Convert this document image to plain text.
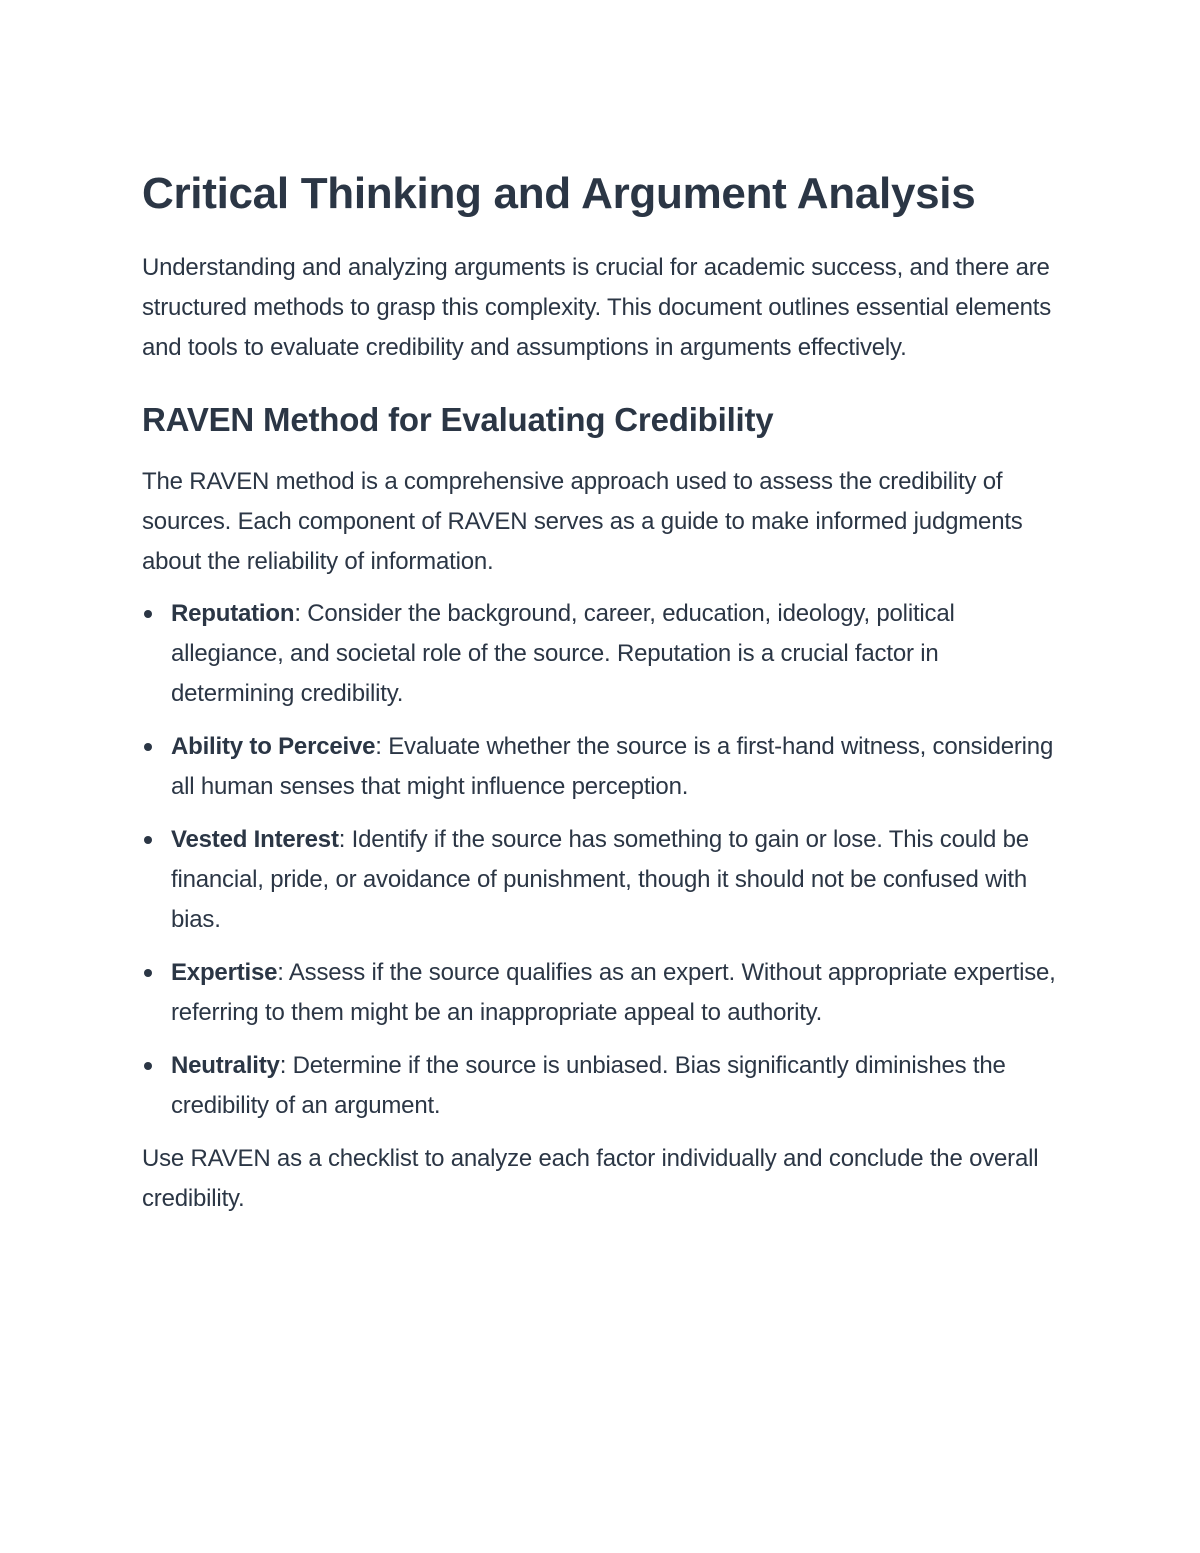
Critical Thinking and Argument Analysis

Understanding and analyzing arguments is crucial for academic success, and there are structured methods to grasp this complexity. This document outlines essential elements and tools to evaluate credibility and assumptions in arguments effectively.

RAVEN Method for Evaluating Credibility

The RAVEN method is a comprehensive approach used to assess the credibility of sources. Each component of RAVEN serves as a guide to make informed judgments about the reliability of information.

Reputation: Consider the background, career, education, ideology, political allegiance, and societal role of the source. Reputation is a crucial factor in determining credibility.
Ability to Perceive: Evaluate whether the source is a first-hand witness, considering all human senses that might influence perception.
Vested Interest: Identify if the source has something to gain or lose. This could be financial, pride, or avoidance of punishment, though it should not be confused with bias.
Expertise: Assess if the source qualifies as an expert. Without appropriate expertise, referring to them might be an inappropriate appeal to authority.
Neutrality: Determine if the source is unbiased. Bias significantly diminishes the credibility of an argument.

Use RAVEN as a checklist to analyze each factor individually and conclude the overall credibility.
